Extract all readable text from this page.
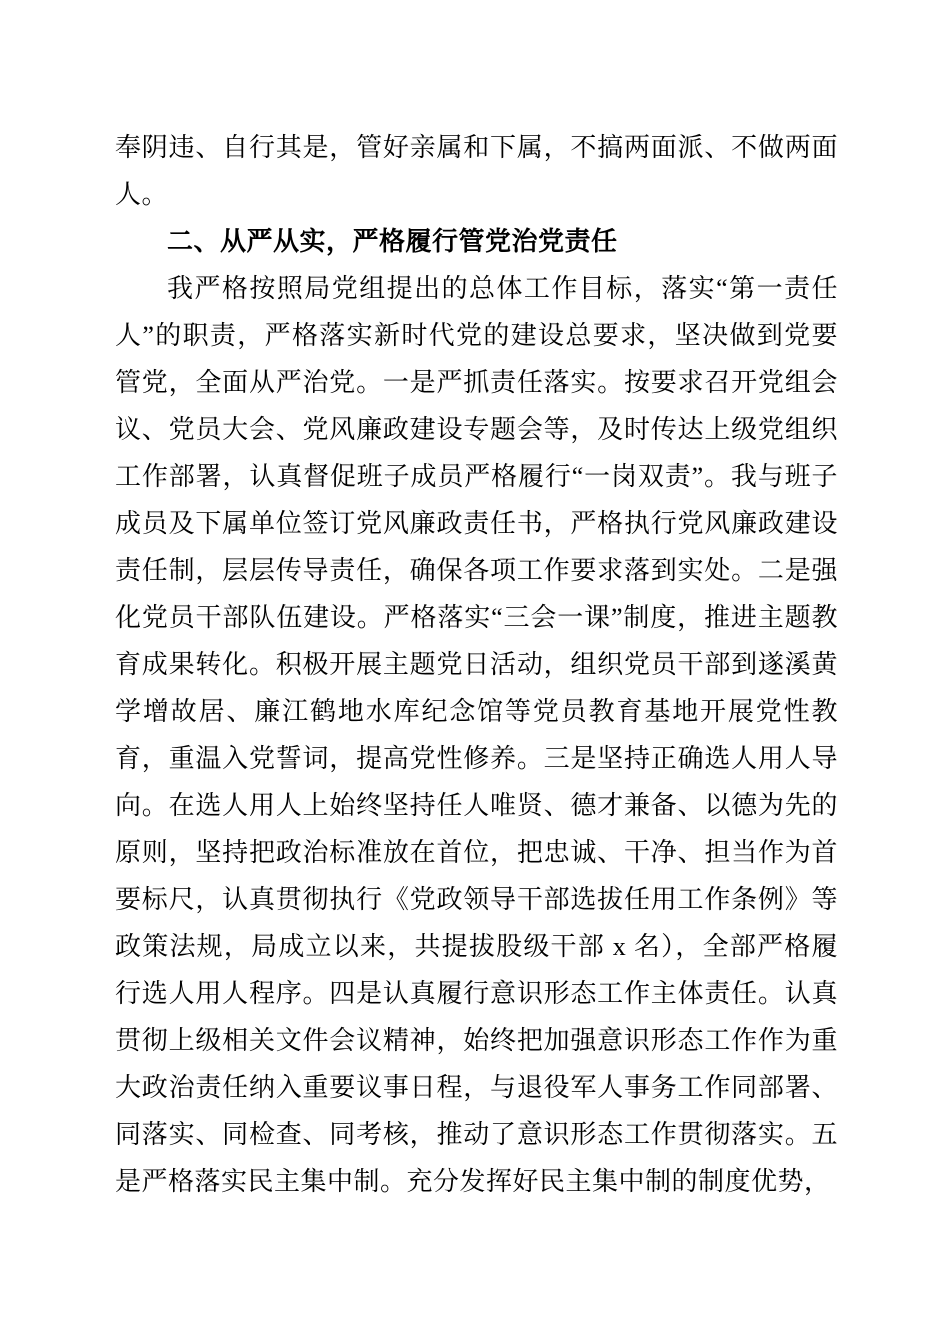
奉阴违、自行其是，管好亲属和下属，不搞两面派、不做两面人。

二、从严从实，严格履行管党治党责任

我严格按照局党组提出的总体工作目标，落实“第一责任人”的职责，严格落实新时代党的建设总要求，坚决做到党要管党，全面从严治党。一是严抓责任落实。按要求召开党组会议、党员大会、党风廉政建设专题会等，及时传达上级党组织工作部署，认真督促班子成员严格履行“一岗双责”。我与班子成员及下属单位签订党风廉政责任书，严格执行党风廉政建设责任制，层层传导责任，确保各项工作要求落到实处。二是强化党员干部队伍建设。严格落实“三会一课”制度，推进主题教育成果转化。积极开展主题党日活动，组织党员干部到遂溪黄学增故居、廉江鹤地水库纪念馆等党员教育基地开展党性教育，重温入党誓词，提高党性修养。三是坚持正确选人用人导向。在选人用人上始终坚持任人唯贤、德才兼备、以德为先的原则，坚持把政治标准放在首位，把忠诚、干净、担当作为首要标尺，认真贯彻执行《党政领导干部选拔任用工作条例》等政策法规，局成立以来，共提拔股级干部 x 名），全部严格履行选人用人程序。四是认真履行意识形态工作主体责任。认真贯彻上级相关文件会议精神，始终把加强意识形态工作作为重大政治责任纳入重要议事日程，与退役军人事务工作同部署、同落实、同检查、同考核，推动了意识形态工作贯彻落实。五是严格落实民主集中制。充分发挥好民主集中制的制度优势，
